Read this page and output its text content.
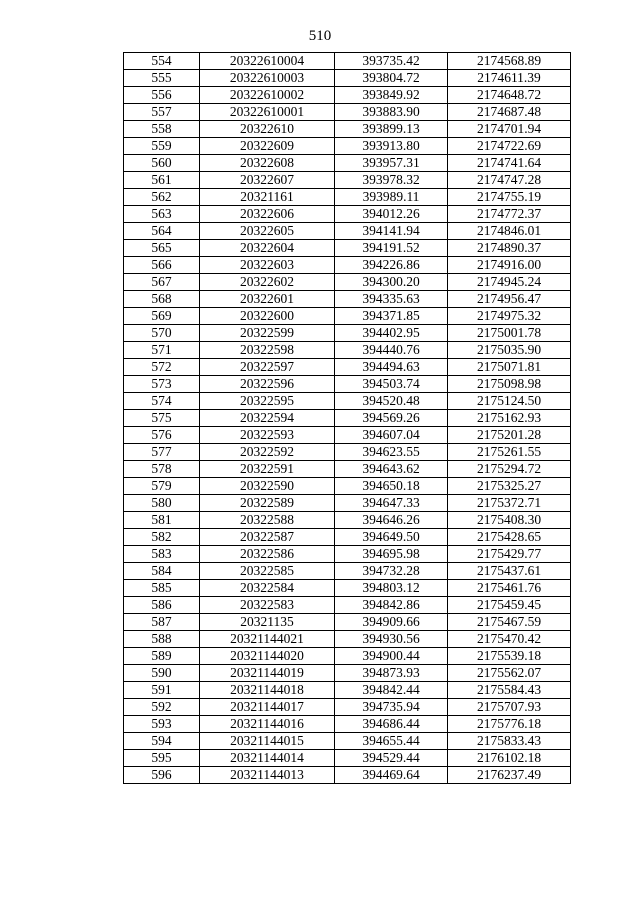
510
554	20322610004	393735.42	2174568.89
555	20322610003	393804.72	2174611.39
556	20322610002	393849.92	2174648.72
557	20322610001	393883.90	2174687.48
558	20322610	393899.13	2174701.94
559	20322609	393913.80	2174722.69
560	20322608	393957.31	2174741.64
561	20322607	393978.32	2174747.28
562	20321161	393989.11	2174755.19
563	20322606	394012.26	2174772.37
564	20322605	394141.94	2174846.01
565	20322604	394191.52	2174890.37
566	20322603	394226.86	2174916.00
567	20322602	394300.20	2174945.24
568	20322601	394335.63	2174956.47
569	20322600	394371.85	2174975.32
570	20322599	394402.95	2175001.78
571	20322598	394440.76	2175035.90
572	20322597	394494.63	2175071.81
573	20322596	394503.74	2175098.98
574	20322595	394520.48	2175124.50
575	20322594	394569.26	2175162.93
576	20322593	394607.04	2175201.28
577	20322592	394623.55	2175261.55
578	20322591	394643.62	2175294.72
579	20322590	394650.18	2175325.27
580	20322589	394647.33	2175372.71
581	20322588	394646.26	2175408.30
582	20322587	394649.50	2175428.65
583	20322586	394695.98	2175429.77
584	20322585	394732.28	2175437.61
585	20322584	394803.12	2175461.76
586	20322583	394842.86	2175459.45
587	20321135	394909.66	2175467.59
588	20321144021	394930.56	2175470.42
589	20321144020	394900.44	2175539.18
590	20321144019	394873.93	2175562.07
591	20321144018	394842.44	2175584.43
592	20321144017	394735.94	2175707.93
593	20321144016	394686.44	2175776.18
594	20321144015	394655.44	2175833.43
595	20321144014	394529.44	2176102.18
596	20321144013	394469.64	2176237.49
